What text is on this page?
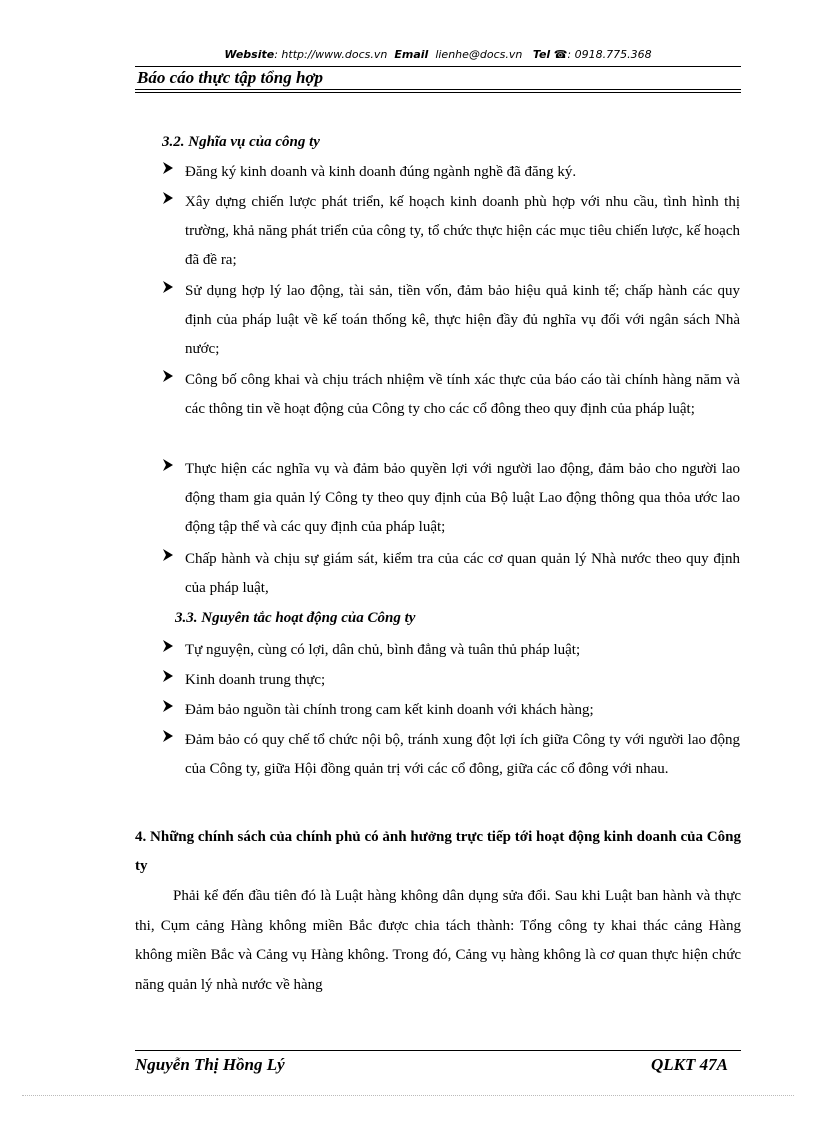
Website: http://www.docs.vn Email lienhe@docs.vn Tel ☎: 0918.775.368
Báo cáo thực tập tổng hợp
3.2. Nghĩa vụ của công ty
Đăng ký kinh doanh và kinh doanh đúng ngành nghề đã đăng ký.
Xây dựng chiến lược phát triển, kế hoạch kinh doanh phù hợp với nhu cầu, tình hình thị trường, khả năng phát triển của công ty, tổ chức thực hiện các mục tiêu chiến lược, kế hoạch đã đề ra;
Sử dụng hợp lý lao động, tài sản, tiền vốn, đảm bảo hiệu quả kinh tế; chấp hành các quy định của pháp luật về kế toán thống kê, thực hiện đầy đủ nghĩa vụ đối với ngân sách Nhà nước;
Công bố công khai và chịu trách nhiệm về tính xác thực của báo cáo tài chính hàng năm và các thông tin về hoạt động của Công ty cho các cổ đông theo quy định của pháp luật;
Thực hiện các nghĩa vụ và đảm bảo quyền lợi với người lao động, đảm bảo cho người lao động tham gia quản lý Công ty theo quy định của Bộ luật Lao động thông qua thỏa ước lao động tập thể và các quy định của pháp luật;
Chấp hành và chịu sự giám sát, kiểm tra của các cơ quan quản lý Nhà nước theo quy định của pháp luật,
3.3. Nguyên tắc hoạt động của Công ty
Tự nguyện, cùng có lợi, dân chủ, bình đẳng và tuân thủ pháp luật;
Kinh doanh trung thực;
Đảm bảo nguồn tài chính trong cam kết kinh doanh với khách hàng;
Đảm bảo có quy chế tổ chức nội bộ, tránh xung đột lợi ích giữa Công ty với người lao động của Công ty, giữa Hội đồng quản trị với các cổ đông, giữa các cổ đông với nhau.
4. Những chính sách của chính phủ có ảnh hưởng trực tiếp tới hoạt động kinh doanh của Công ty
Phải kể đến đầu tiên đó là Luật hàng không dân dụng sửa đổi. Sau khi Luật ban hành và thực thi, Cụm cảng Hàng không miền Bắc được chia tách thành: Tổng công ty khai thác cảng Hàng không miền Bắc và Cảng vụ Hàng không. Trong đó, Cảng vụ hàng không là cơ quan thực hiện chức năng quản lý nhà nước về hàng
Nguyễn Thị Hồng Lý	QLKT 47A
